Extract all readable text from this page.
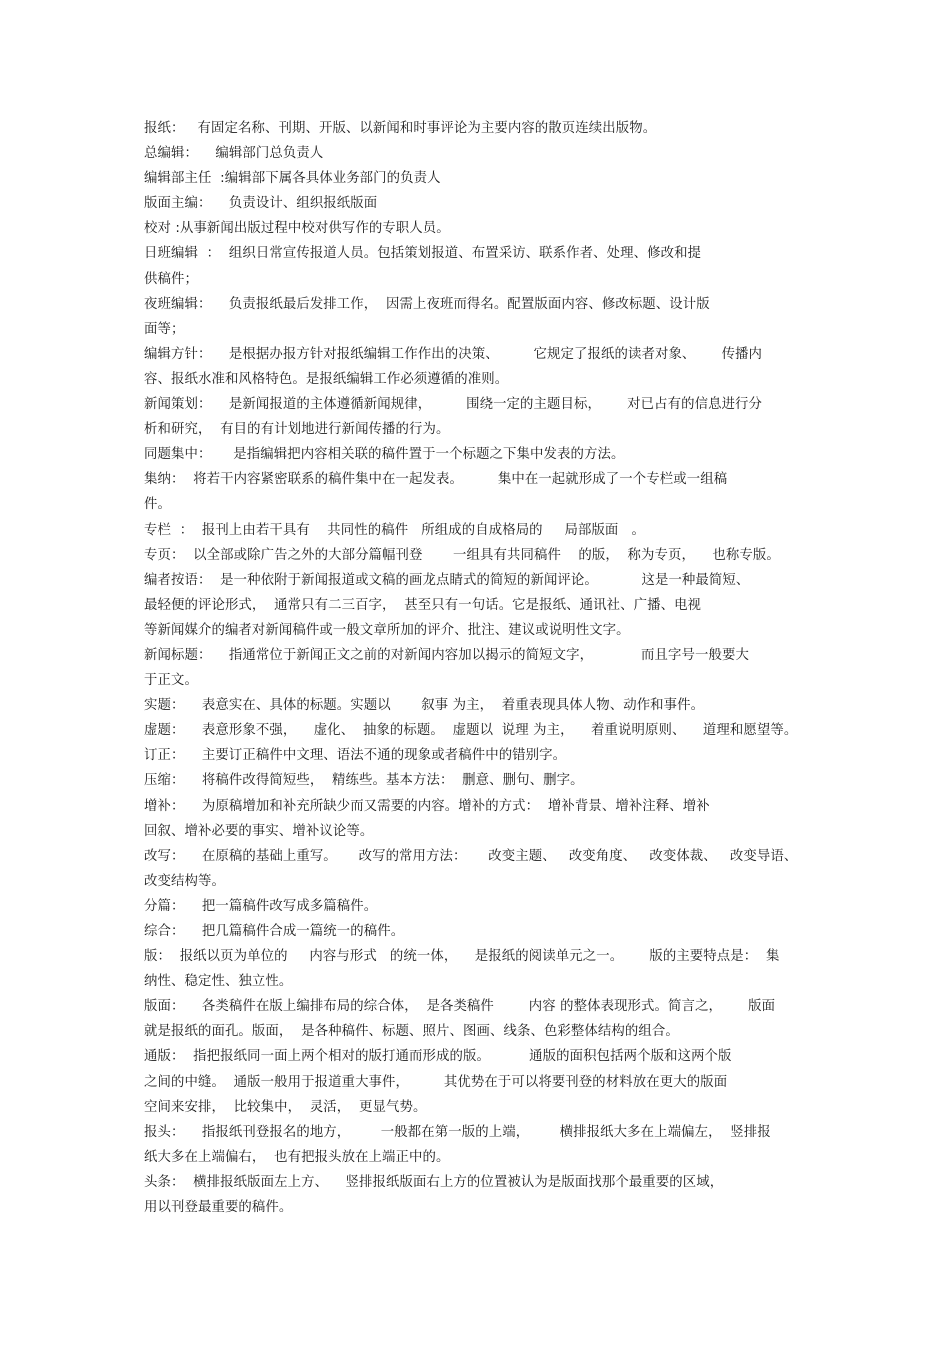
报纸：   有固定名称、刊期、开版、以新闻和时事评论为主要内容的散页连续出版物。
总编辑：    编辑部门总负责人
编辑部主任  :编辑部下属各具体业务部门的负责人
版面主编：    负责设计、组织报纸版面
校对 :从事新闻出版过程中校对供写作的专职人员。
日班编辑  ：  组织日常宣传报道人员。包括策划报道、布置采访、联系作者、处理、修改和提
供稿件；
夜班编辑：    负责报纸最后发排工作，  因需上夜班而得名。配置版面内容、修改标题、设计版
面等；
编辑方针：    是根据办报方针对报纸编辑工作作出的决策、        它规定了报纸的读者对象、      传播内
容、报纸水准和风格特色。是报纸编辑工作必须遵循的准则。
新闻策划：    是新闻报道的主体遵循新闻规律，        围绕一定的主题目标，      对已占有的信息进行分
析和研究，  有目的有计划地进行新闻传播的行为。
同题集中：     是指编辑把内容相关联的稿件置于一个标题之下集中发表的方法。
集纳：  将若干内容紧密联系的稿件集中在一起发表。        集中在一起就形成了一个专栏或一组稿
件。
专栏  ：  报刊上由若干具有    共同性的稿件   所组成的自成格局的     局部版面   。
专页：  以全部或除广告之外的大部分篇幅刊登       一组具有共同稿件    的版，  称为专页，    也称专版。
编者按语：  是一种依附于新闻报道或文稿的画龙点睛式的简短的新闻评论。          这是一种最简短、
最轻便的评论形式，  通常只有二三百字，  甚至只有一句话。它是报纸、通讯社、广播、电视
等新闻媒介的编者对新闻稿件或一般文章所加的评介、批注、建议或说明性文字。
新闻标题：    指通常位于新闻正文之前的对新闻内容加以揭示的简短文字，           而且字号一般要大
于正文。
实题：    表意实在、具体的标题。实题以       叙事 为主，  着重表现具体人物、动作和事件。
虚题：    表意形象不强，    虚化、  抽象的标题。  虚题以  说理 为主，    着重说明原则、    道理和愿望等。
订正：    主要订正稿件中文理、语法不通的现象或者稿件中的错别字。
压缩：    将稿件改得简短些，  精练些。基本方法：  删意、删句、删字。
增补：    为原稿增加和补充所缺少而又需要的内容。增补的方式：  增补背景、增补注释、增补
回叙、增补必要的事实、增补议论等。
改写：    在原稿的基础上重写。     改写的常用方法：     改变主题、   改变角度、   改变体裁、   改变导语、
改变结构等。
分篇：    把一篇稿件改写成多篇稿件。
综合：    把几篇稿件合成一篇统一的稿件。
版：  报纸以页为单位的     内容与形式   的统一体，    是报纸的阅读单元之一。      版的主要特点是：  集
纳性、稳定性、独立性。
版面：    各类稿件在版上编排布局的综合体，  是各类稿件        内容 的整体表现形式。简言之，      版面
就是报纸的面孔。版面，  是各种稿件、标题、照片、图画、线条、色彩整体结构的组合。
通版：  指把报纸同一面上两个相对的版打通而形成的版。         通版的面积包括两个版和这两个版
之间的中缝。  通版一般用于报道重大事件，        其优势在于可以将要刊登的材料放在更大的版面
空间来安排，  比较集中，  灵活，  更显气势。
报头：    指报纸刊登报名的地方，       一般都在第一版的上端，       横排报纸大多在上端偏左，  竖排报
纸大多在上端偏右，  也有把报头放在上端正中的。
头条：  横排报纸版面左上方、    竖排报纸版面右上方的位置被认为是版面找那个最重要的区域，
用以刊登最重要的稿件。
